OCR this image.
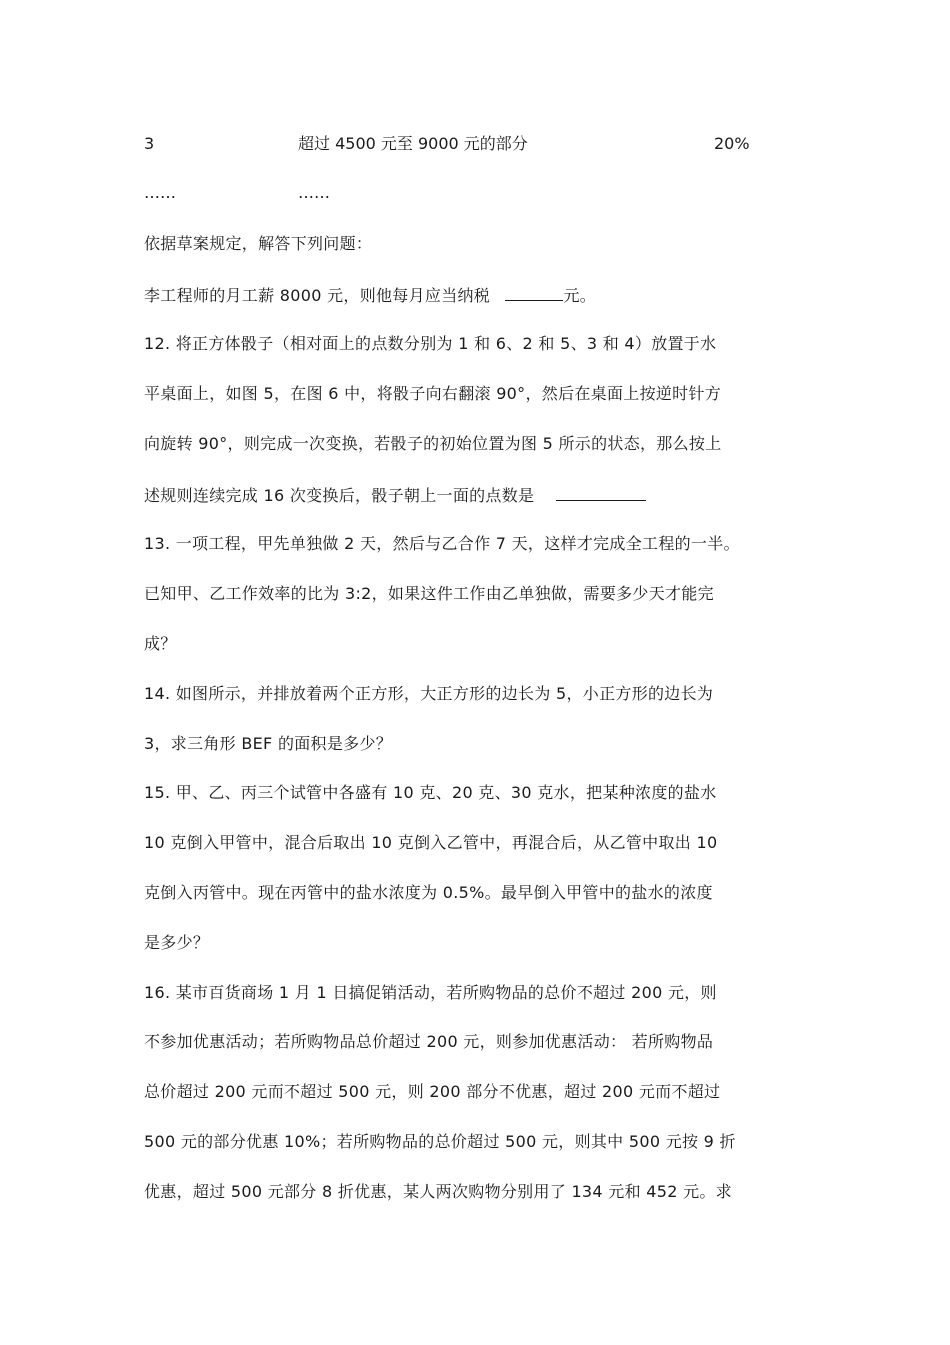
3	超过 4500 元至 9000 元的部分	20%
……	……
依据草案规定，解答下列问题：
李工程师的月工薪 8000 元，则他每月应当纳税	元。
12. 将正方体骰子（相对面上的点数分别为 1 和 6、2 和 5、3 和 4）放置于水
平桌面上，如图 5，在图 6 中，将骰子向右翻滚 90°，然后在桌面上按逆时针方
向旋转 90°，则完成一次变换，若骰子的初始位置为图 5 所示的状态，那么按上
述规则连续完成 16 次变换后，骰子朝上一面的点数是
13. 一项工程，甲先单独做 2 天，然后与乙合作 7 天，这样才完成全工程的一半。
已知甲、乙工作效率的比为 3:2，如果这件工作由乙单独做，需要多少天才能完
成？
14. 如图所示，并排放着两个正方形，大正方形的边长为 5，小正方形的边长为
3，求三角形 BEF 的面积是多少？
15. 甲、乙、丙三个试管中各盛有 10 克、20 克、30 克水，把某种浓度的盐水
10 克倒入甲管中，混合后取出 10 克倒入乙管中，再混合后，从乙管中取出 10
克倒入丙管中。现在丙管中的盐水浓度为 0.5%。最早倒入甲管中的盐水的浓度
是多少？
16. 某市百货商场 1 月 1 日搞促销活动，若所购物品的总价不超过 200 元，则
不参加优惠活动；若所购物品总价超过 200 元，则参加优惠活动： 若所购物品
总价超过 200 元而不超过 500 元，则 200 部分不优惠，超过 200 元而不超过
500 元的部分优惠 10%；若所购物品的总价超过 500 元，则其中 500 元按 9 折
优惠，超过 500 元部分 8 折优惠，某人两次购物分别用了 134 元和 452 元。求
